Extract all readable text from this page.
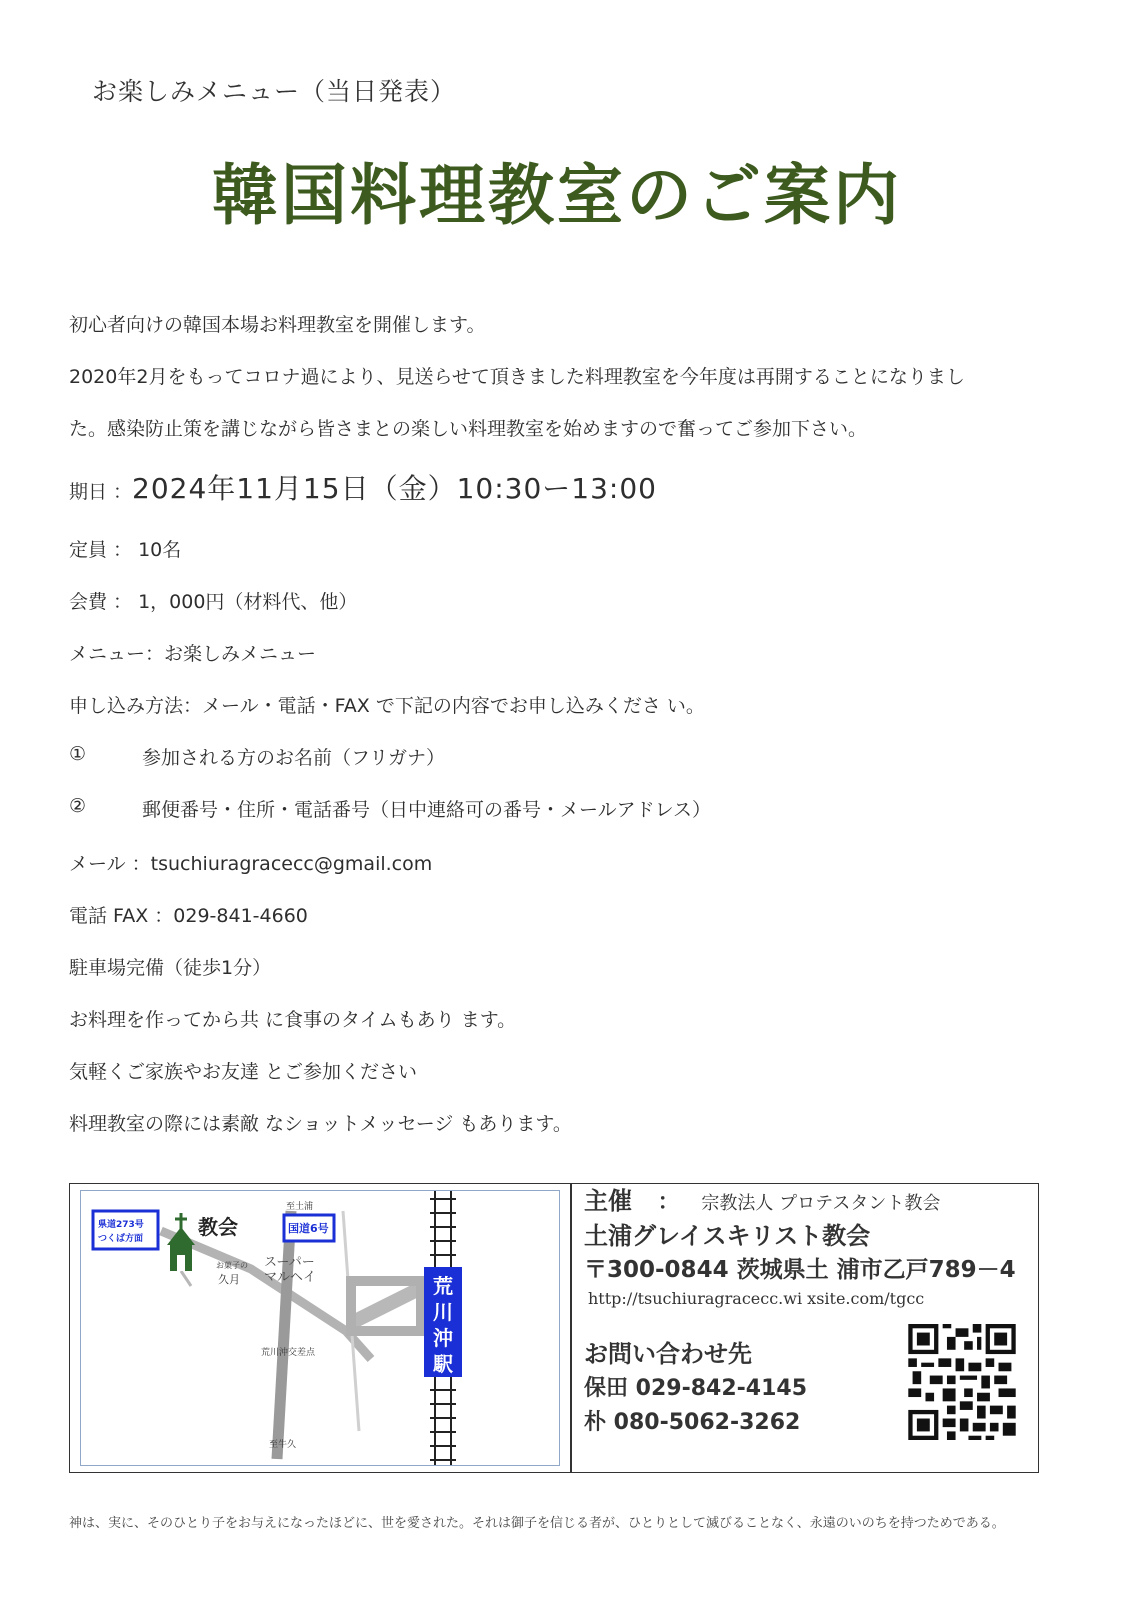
お楽しみメニュー（当日発表）
韓国料理教室のご案内
初心者向けの韓国本場お料理教室を開催します。
2020年2月をもってコロナ過により、見送らせて頂きました料理教室を今年度は再開することになりまし
た。感染防止策を講じながら皆さまとの楽しい料理教室を始めますので奮ってご参加下さい。
期日 ：2024年11月15日（金）10:30ー13:00
定員 ： 10名
会費 ： 1，000円（材料代、他）
メニュー：お楽しみメニュー
申し込み方法：メール・電話・FAX で下記の内容でお申し込みくださ い。
①	参加される方のお名前（フリガナ）
②	郵便番号・住所・電話番号（日中連絡可の番号・メールアドレス）
メール ：tsuchiuragracecc@gmail.com
電話 FAX ：029-841-4660
駐車場完備（徒歩1分）
お料理を作ってから共 に食事のタイムもあり ます。
気軽くご家族やお友達 とご参加ください
料理教室の際には素敵 なショットメッセージ もあります。
荒
川
沖
駅
県道273号
つくば方面	教会
至土浦
国道6号
スーパー
マルヘイ
お菓子の
久月
荒川沖交差点
至牛久
主催 ： 宗教法人 プロテスタント教会
土浦グレイスキリスト教会
〒300-0844 茨城県土 浦市乙戸789－4
http://tsuchiuragracecc.wi xsite.com/tgcc
お問い合わせ先
保田 029-842-4145
朴 080-5062-3262
神は、実に、そのひとり子をお与えになったほどに、世を愛された。それは御子を信じる者が、ひとりとして滅びることなく、永遠のいのちを持つためである。
